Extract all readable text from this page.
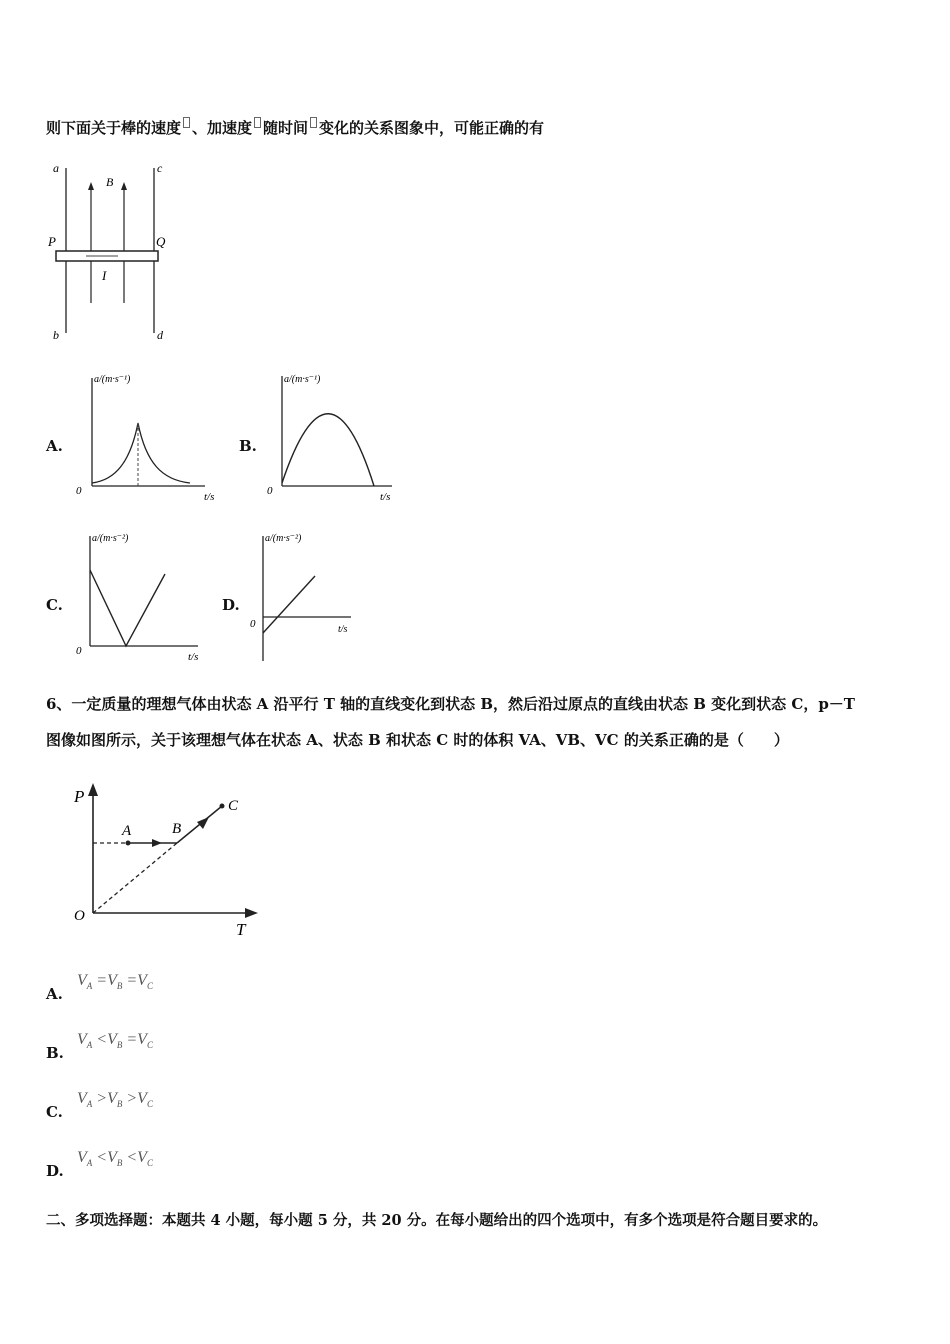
则下面关于棒的速度 、加速度 随时间 变化的关系图象中，可能正确的有
a	c
B
P	Q
I
b	d
A.
a/(m·s⁻¹)
0	t/s
B.
a/(m·s⁻¹)
0	t/s
C.
a/(m·s⁻²)
0	t/s
D.
a/(m·s⁻²)
0	t/s
6、一定质量的理想气体由状态 A 沿平行 T 轴的直线变化到状态 B，然后沿过原点的直线由状态 B 变化到状态 C，p－T
图像如图所示，关于该理想气体在状态 A、状态 B 和状态 C 时的体积 VA、VB、VC 的关系正确的是（　　）
P
T
O
A	B
C
A.
$V_A =V_B =V_C$
B.
$V_A <V_B =V_C$
C.
$V_A >V_B >V_C$
D.
$V_A <V_B <V_C$
二、多项选择题：本题共 4 小题，每小题 5 分，共 20 分。在每小题给出的四个选项中，有多个选项是符合题目要求的。
